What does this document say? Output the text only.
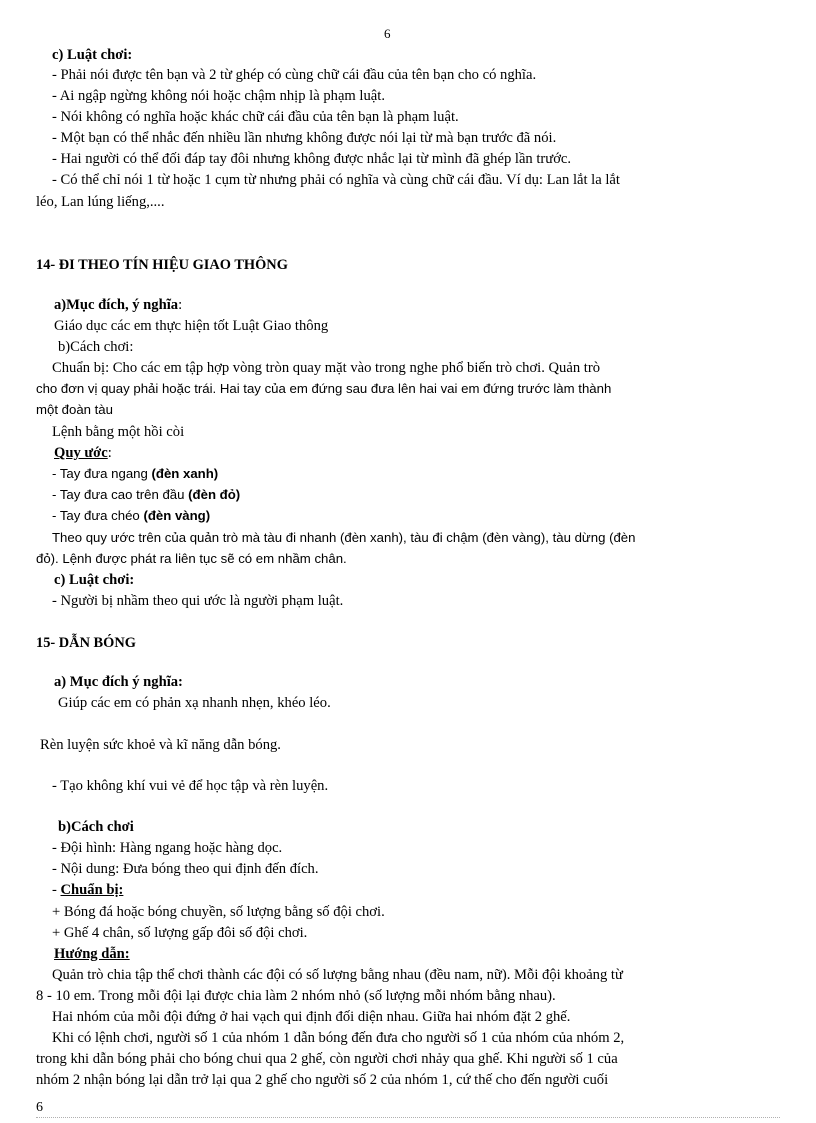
6
c) Luật chơi:
- Phải nói được tên bạn và 2 từ ghép có cùng chữ cái đầu của tên bạn cho có nghĩa.
- Ai ngập ngừng không nói hoặc chậm nhịp là phạm luật.
- Nói không có nghĩa hoặc khác chữ cái đầu của tên bạn là phạm luật.
- Một bạn có thể nhắc đến nhiều lần nhưng không được nói lại từ mà bạn trước đã nói.
- Hai người có thể đối đáp tay đôi nhưng không được nhắc lại từ mình đã ghép lần trước.
- Có thể chỉ nói 1 từ hoặc 1 cụm từ nhưng phải có nghĩa và cùng chữ cái đầu. Ví dụ: Lan lắt la lắt
léo, Lan lúng liếng,....
14- ĐI THEO TÍN HIỆU GIAO THÔNG
a)Mục đích, ý nghĩa:
Giáo dục các em thực hiện tốt Luật Giao thông
b)Cách chơi:
Chuẩn bị: Cho các em tập hợp vòng tròn quay mặt vào trong nghe phổ biến trò chơi. Quản trò
cho đơn vị quay phải hoặc trái. Hai tay của em đứng sau đưa lên hai vai em đứng trước làm thành
một đoàn tàu
Lệnh bằng một hồi còi
Quy ước:
- Tay đưa ngang (đèn xanh)
- Tay đưa cao trên đầu (đèn đỏ)
- Tay đưa chéo (đèn vàng)
Theo quy ước trên của quản trò mà tàu đi nhanh (đèn xanh), tàu đi chậm (đèn vàng), tàu dừng (đèn
đỏ). Lệnh được phát ra liên tục sẽ có em nhầm chân.
c) Luật chơi:
- Người bị nhầm theo qui ước là người phạm luật.
15- DẪN BÓNG
a) Mục đích ý nghĩa:
Giúp các em có phản xạ nhanh nhẹn, khéo léo.
Rèn luyện sức khoẻ và kĩ năng dẫn bóng.
- Tạo không khí vui vẻ để học tập và rèn luyện.
b)Cách chơi
- Đội hình: Hàng ngang hoặc hàng dọc.
- Nội dung: Đưa bóng theo qui định đến đích.
- Chuẩn bị:
+ Bóng đá hoặc bóng chuyền, số lượng bằng số đội chơi.
+ Ghế 4 chân, số lượng gấp đôi số đội chơi.
Hướng dẫn:
Quản trò chia tập thể chơi thành các đội có số lượng bằng nhau (đều nam, nữ). Mỗi đội khoảng từ
8 - 10 em. Trong mỗi đội lại được chia làm 2 nhóm nhỏ (số lượng mỗi nhóm bằng nhau).
Hai nhóm của mỗi đội đứng ở hai vạch qui định đối diện nhau. Giữa hai nhóm đặt 2 ghế.
Khi có lệnh chơi, người số 1 của nhóm 1 dẫn bóng đến đưa cho người số 1 của nhóm của nhóm 2,
trong khi dẫn bóng phải cho bóng chui qua 2 ghế, còn người chơi nhảy qua ghế. Khi người số 1 của
nhóm 2 nhận bóng lại dẫn trở lại qua 2 ghế cho người số 2 của nhóm 1, cứ thế cho đến người cuối
6
